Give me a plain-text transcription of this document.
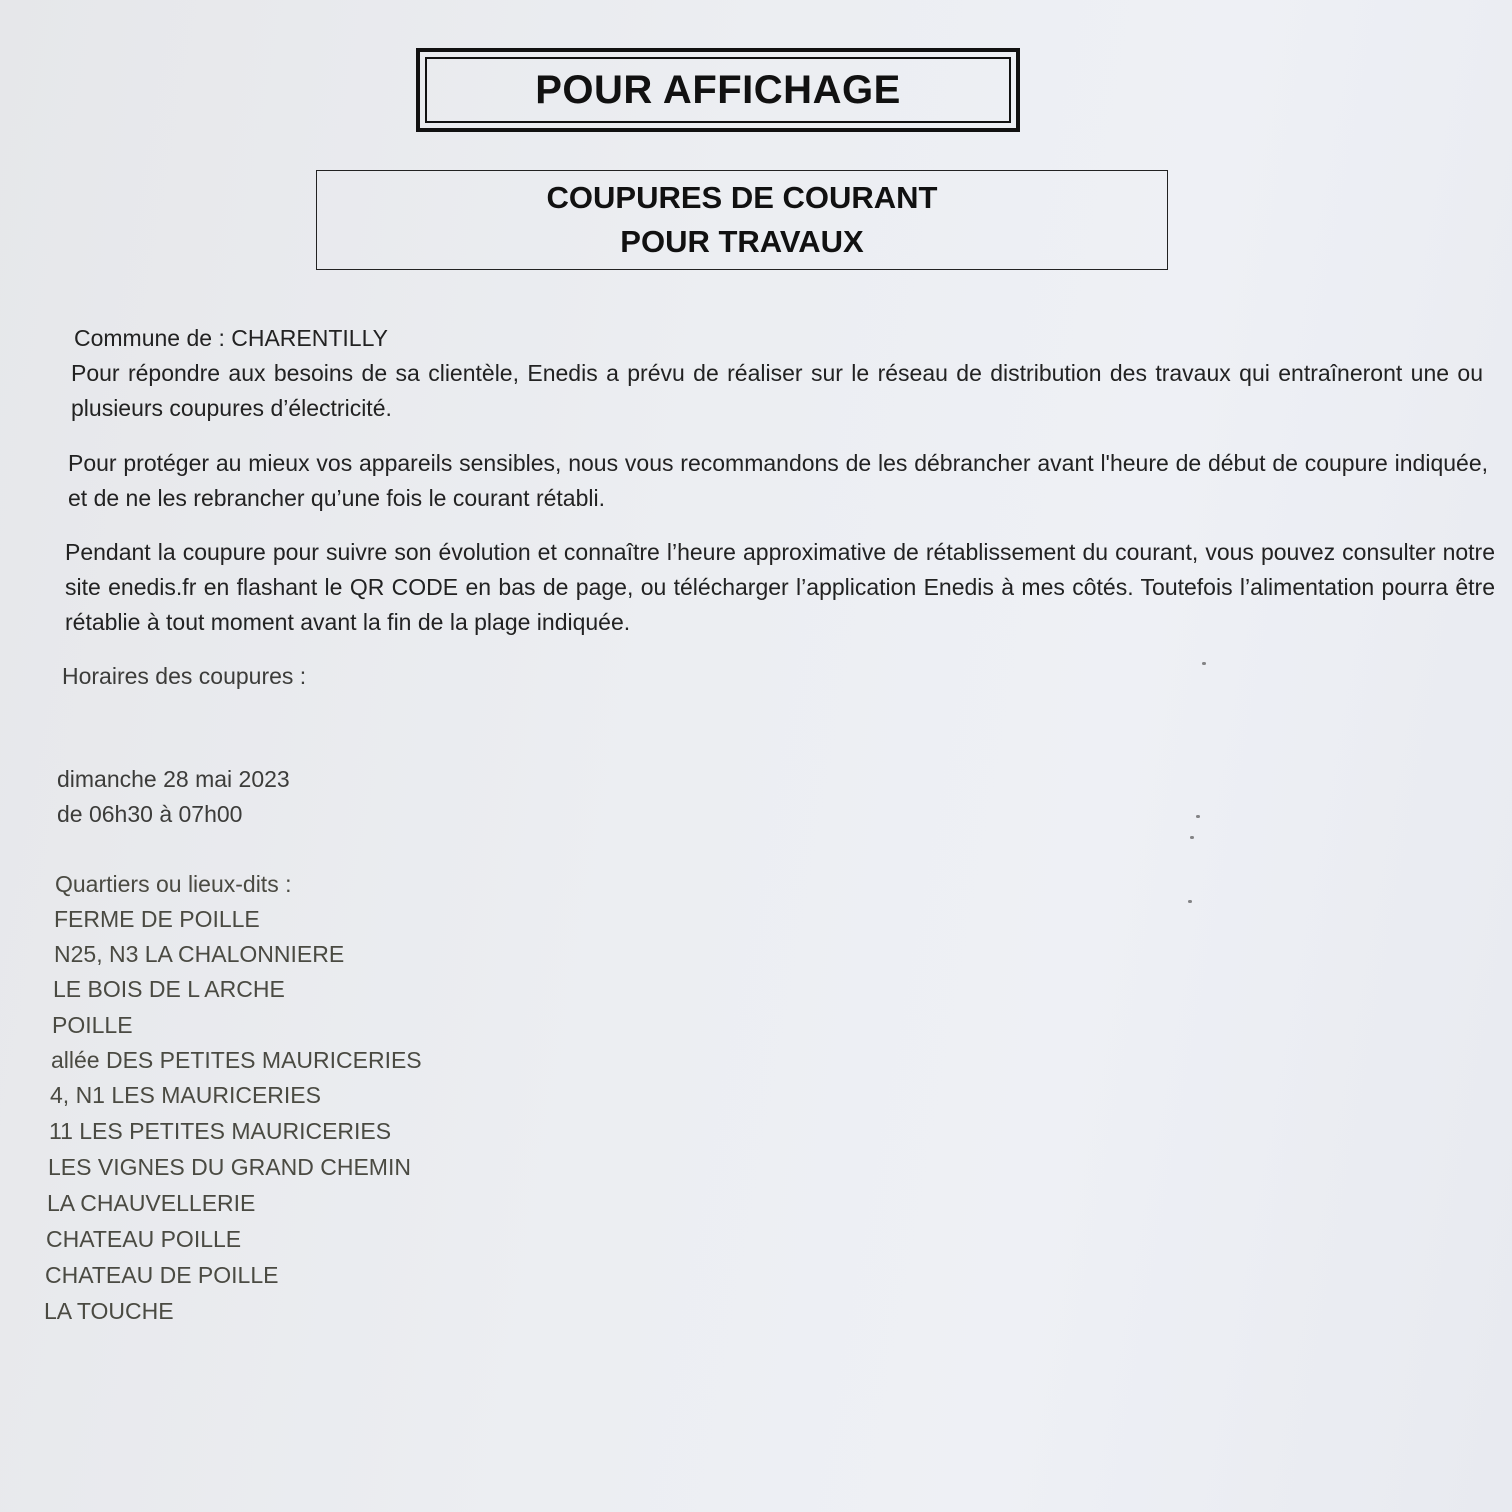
POUR AFFICHAGE
COUPURES DE COURANT
POUR TRAVAUX
Commune de : CHARENTILLY
Pour répondre aux besoins de sa clientèle, Enedis a prévu de réaliser sur le réseau de distribution des travaux qui entraîneront une ou plusieurs coupures d’électricité.
Pour protéger au mieux vos appareils sensibles, nous vous recommandons de les débrancher avant l'heure de début de coupure indiquée, et de ne les rebrancher qu’une fois le courant rétabli.
Pendant la coupure pour suivre son évolution et connaître l’heure approximative de rétablissement du courant, vous pouvez consulter notre site enedis.fr en flashant le QR CODE en bas de page, ou télécharger l’application Enedis à mes côtés. Toutefois l’alimentation pourra être rétablie à tout moment avant la fin de la plage indiquée.
Horaires des coupures :
dimanche 28 mai 2023
de 06h30 à 07h00
Quartiers ou lieux-dits :
FERME DE POILLE
N25, N3 LA CHALONNIERE
LE BOIS DE L ARCHE
POILLE
allée DES PETITES MAURICERIES
4, N1 LES MAURICERIES
11 LES PETITES MAURICERIES
LES VIGNES DU GRAND CHEMIN
LA CHAUVELLERIE
CHATEAU POILLE
CHATEAU DE POILLE
LA TOUCHE
